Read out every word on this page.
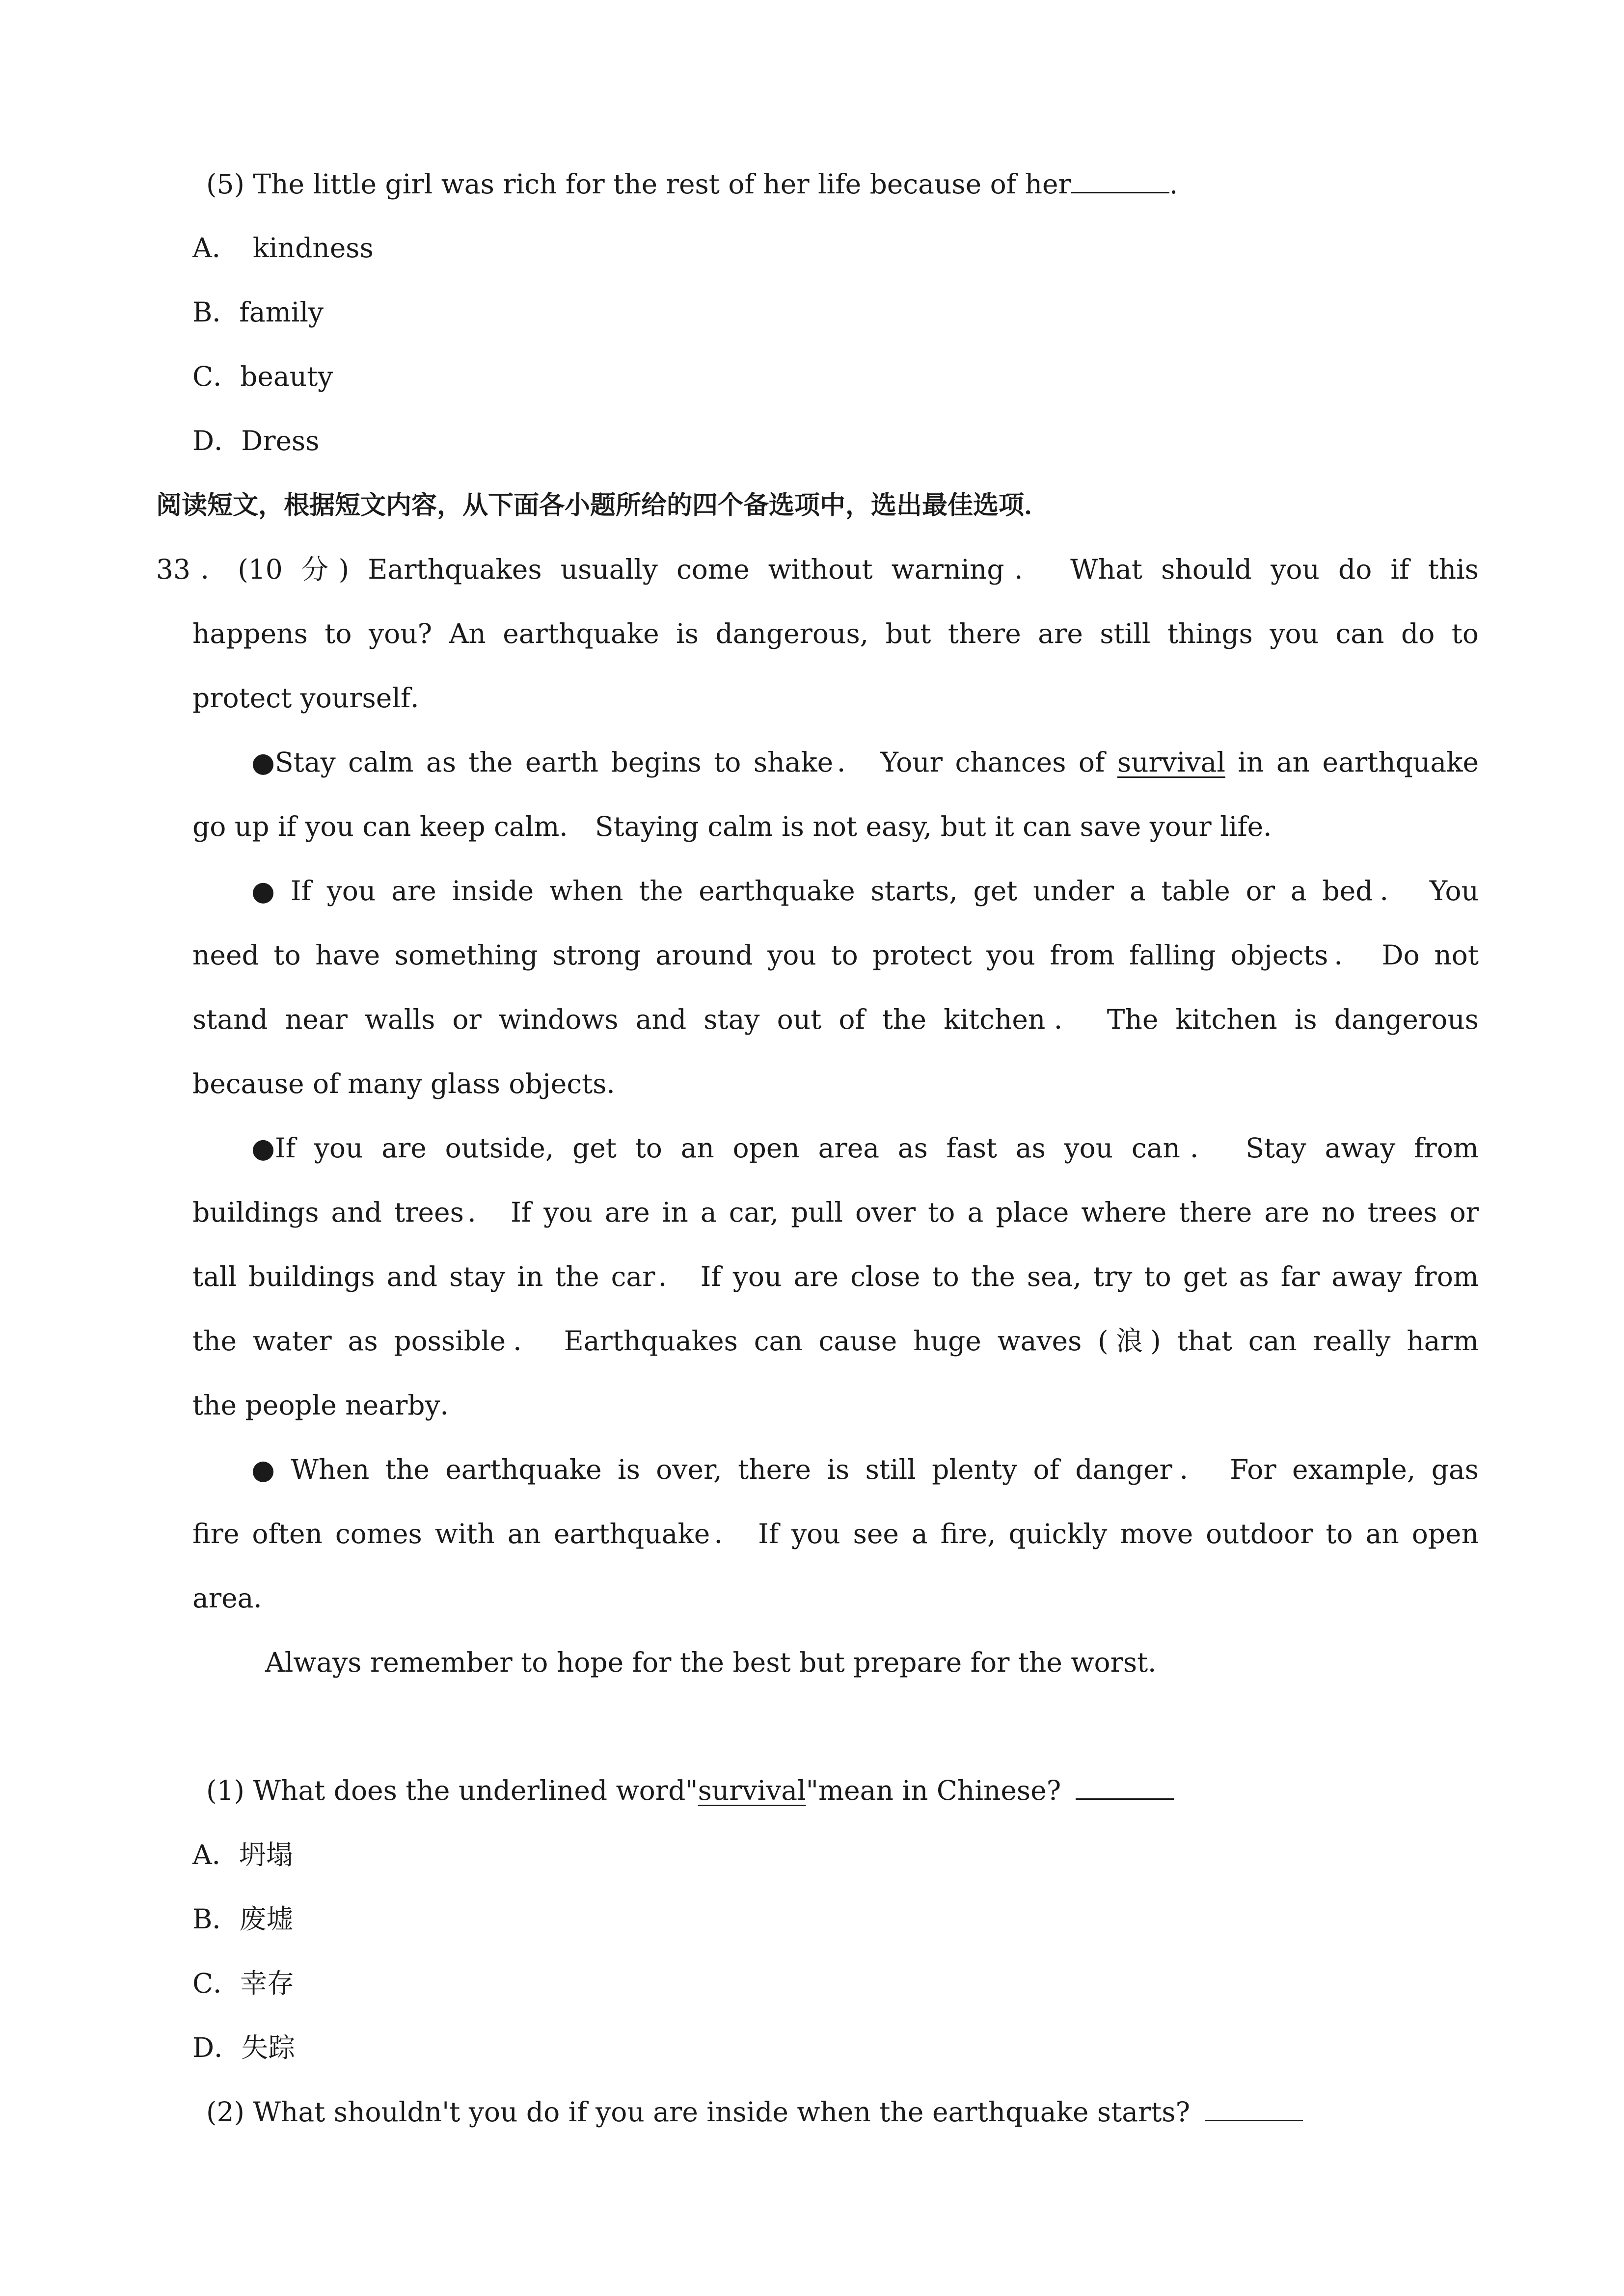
(5) The little girl was rich for the rest of her life because of her	.
A． kindness
B．family
C．beauty
D．Dress
阅读短文，根据短文内容，从下面各小题所给的四个备选项中，选出最佳选项．
33．(10 分) Earthquakes usually come without warning． What should you do if this
happens to you? An earthquake is dangerous, but there are still things you can do to
protect yourself．
●Stay calm as the earth begins to shake． Your chances of survival in an earthquake
go up if you can keep calm． Staying calm is not easy, but it can save your life．
● If you are inside when the earthquake starts, get under a table or a bed． You
need to have something strong around you to protect you from falling objects． Do not
stand near walls or windows and stay out of the kitchen． The kitchen is dangerous
because of many glass objects．
●If you are outside, get to an open area as fast as you can． Stay away from
buildings and trees． If you are in a car, pull over to a place where there are no trees or
tall buildings and stay in the car． If you are close to the sea, try to get as far away from
the water as possible． Earthquakes can cause huge waves (浪) that can really harm
the people nearby．
● When the earthquake is over, there is still plenty of danger． For example, gas
fire often comes with an earthquake． If you see a fire, quickly move outdoor to an open
area．
Always remember to hope for the best but prepare for the worst．
(1) What does the underlined word"survival"mean in Chinese?
A．坍塌
B．废墟
C．幸存
D．失踪
(2) What shouldn't you do if you are inside when the earthquake starts?
